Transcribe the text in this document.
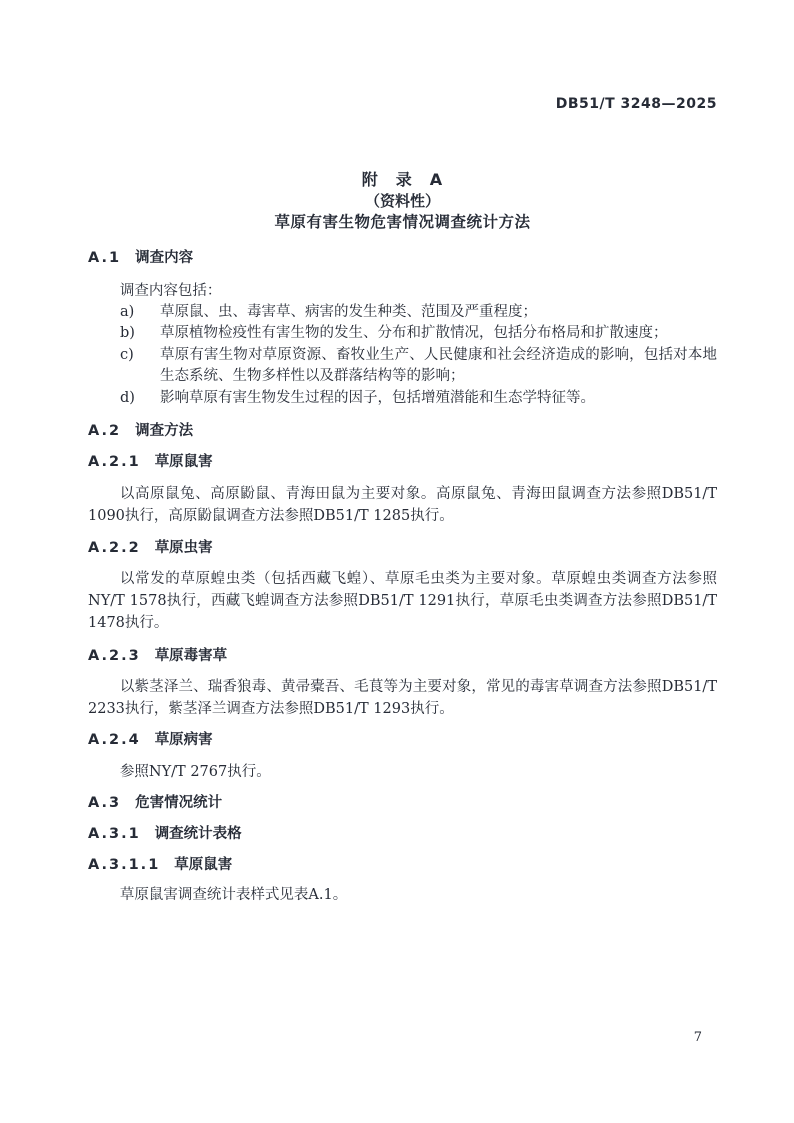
DB51/T 3248—2025
附　录　A
（资料性）
草原有害生物危害情况调查统计方法
A.1 调查内容

调查内容包括：

a)	草原鼠、虫、毒害草、病害的发生种类、范围及严重程度；
b)	草原植物检疫性有害生物的发生、分布和扩散情况，包括分布格局和扩散速度；
c)	草原有害生物对草原资源、畜牧业生产、人民健康和社会经济造成的影响，包括对本地生态系统、生物多样性以及群落结构等的影响；
d)	影响草原有害生物发生过程的因子，包括增殖潜能和生态学特征等。
A.2 调查方法
A.2.1 草原鼠害

以高原鼠兔、高原鼢鼠、青海田鼠为主要对象。高原鼠兔、青海田鼠调查方法参照DB51/T 1090执行，高原鼢鼠调查方法参照DB51/T 1285执行。

A.2.2 草原虫害

以常发的草原蝗虫类（包括西藏飞蝗）、草原毛虫类为主要对象。草原蝗虫类调查方法参照NY/T 1578执行，西藏飞蝗调查方法参照DB51/T 1291执行，草原毛虫类调查方法参照DB51/T 1478执行。

A.2.3 草原毒害草

以紫茎泽兰、瑞香狼毒、黄帚橐吾、毛茛等为主要对象，常见的毒害草调查方法参照DB51/T 2233执行，紫茎泽兰调查方法参照DB51/T 1293执行。

A.2.4 草原病害

参照NY/T 2767执行。

A.3 危害情况统计
A.3.1 调查统计表格
A.3.1.1 草原鼠害

草原鼠害调查统计表样式见表A.1。

7
